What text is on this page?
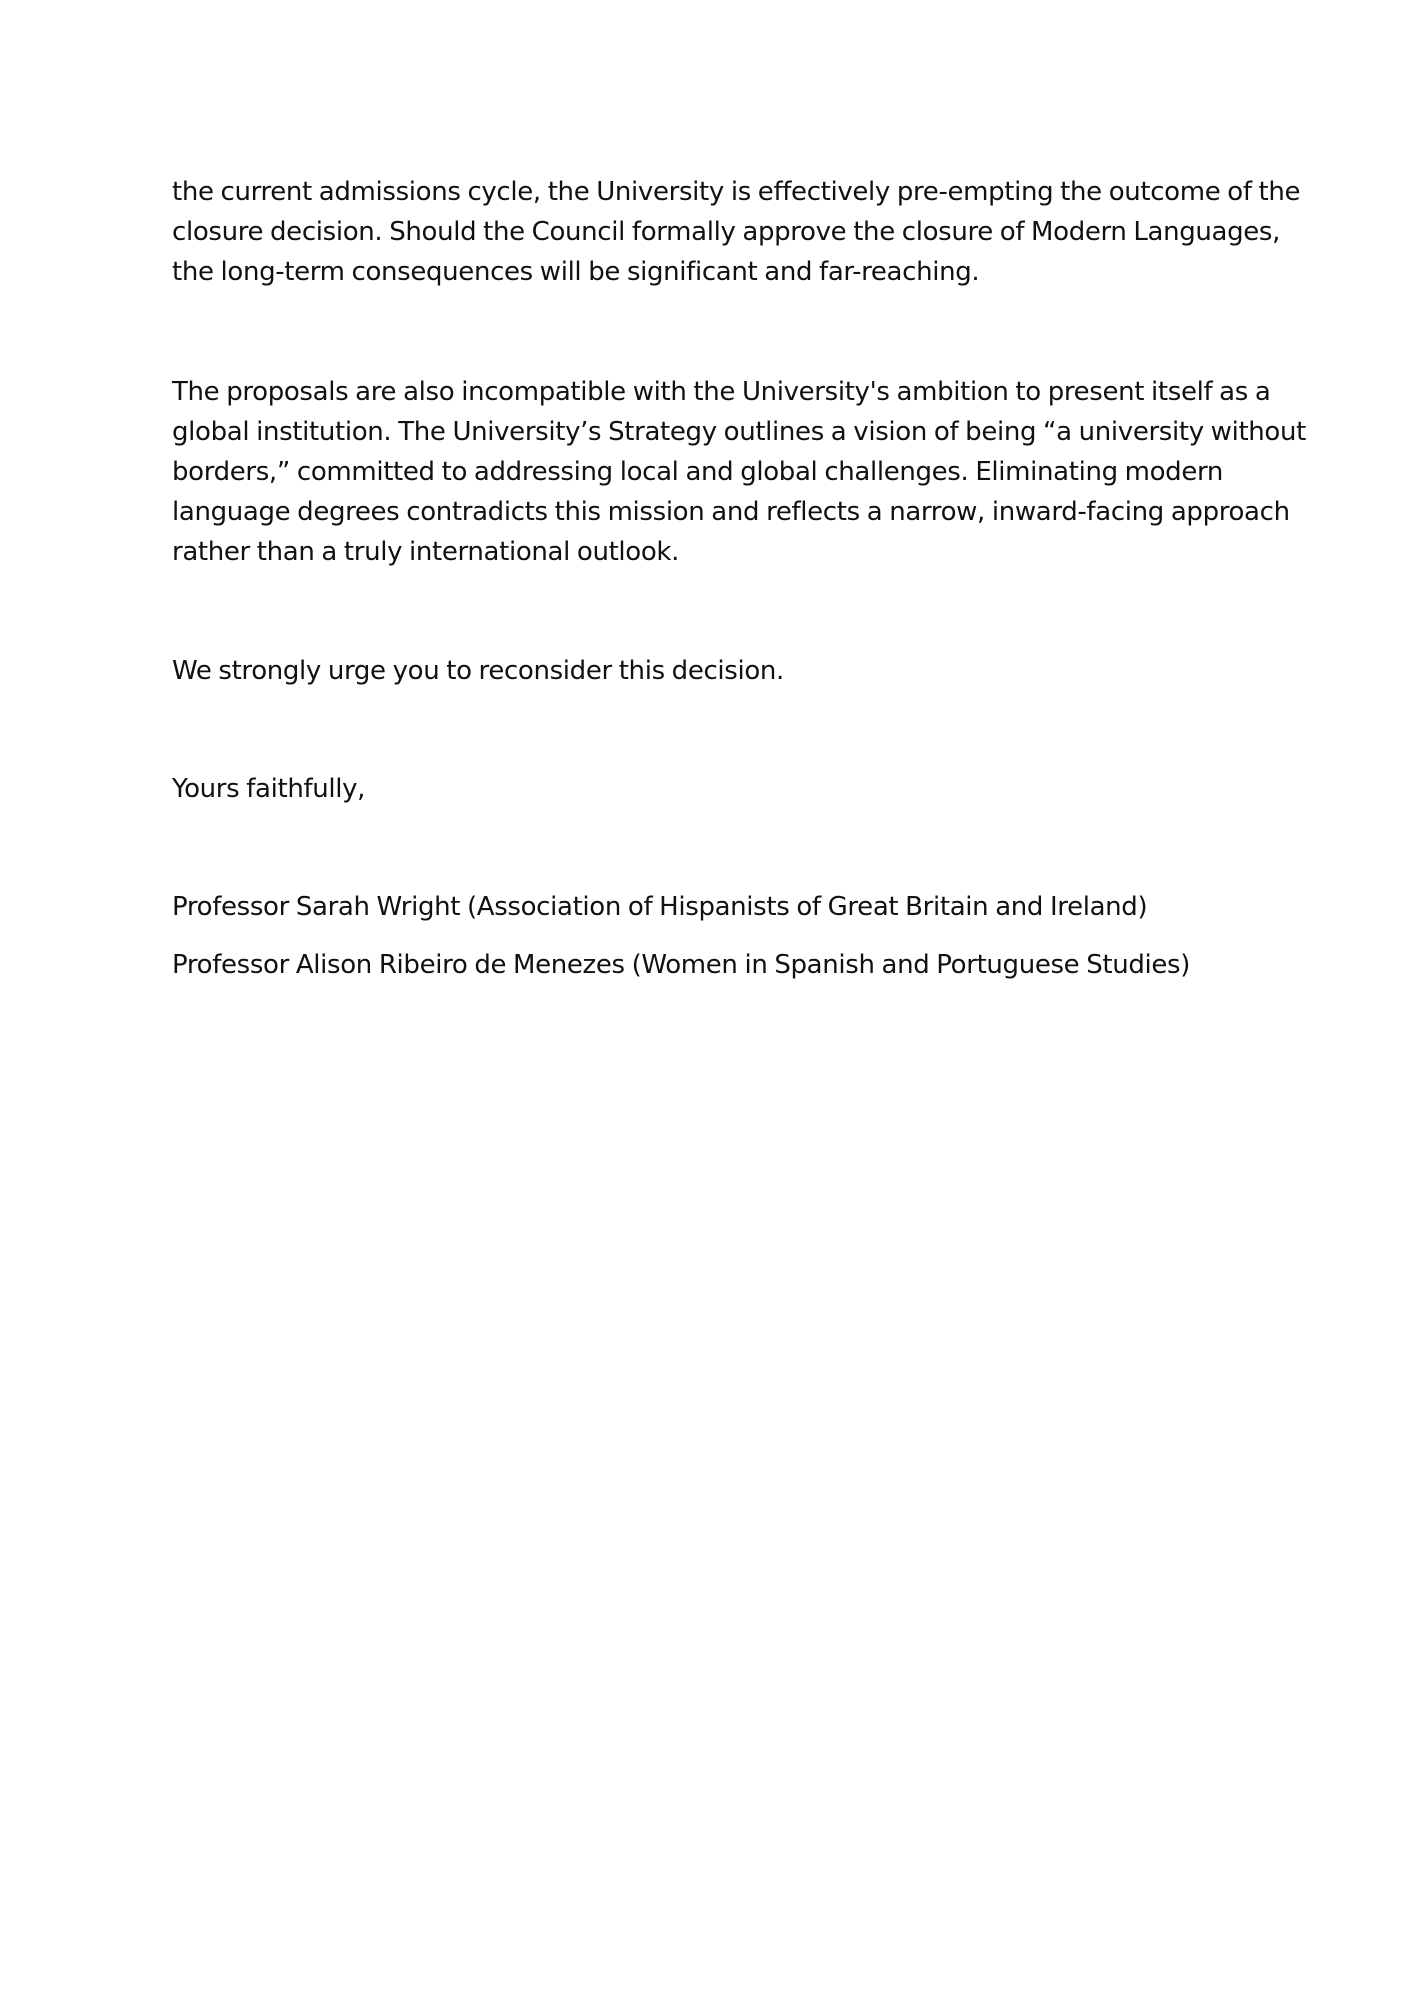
the current admissions cycle, the University is effectively pre-empting the outcome of the
closure decision. Should the Council formally approve the closure of Modern Languages,
the long-term consequences will be significant and far-reaching.

The proposals are also incompatible with the University's ambition to present itself as a
global institution. The University’s Strategy outlines a vision of being “a university without
borders,” committed to addressing local and global challenges. Eliminating modern
language degrees contradicts this mission and reflects a narrow, inward-facing approach
rather than a truly international outlook.

We strongly urge you to reconsider this decision.

Yours faithfully,

Professor Sarah Wright (Association of Hispanists of Great Britain and Ireland)

Professor Alison Ribeiro de Menezes (Women in Spanish and Portuguese Studies)
